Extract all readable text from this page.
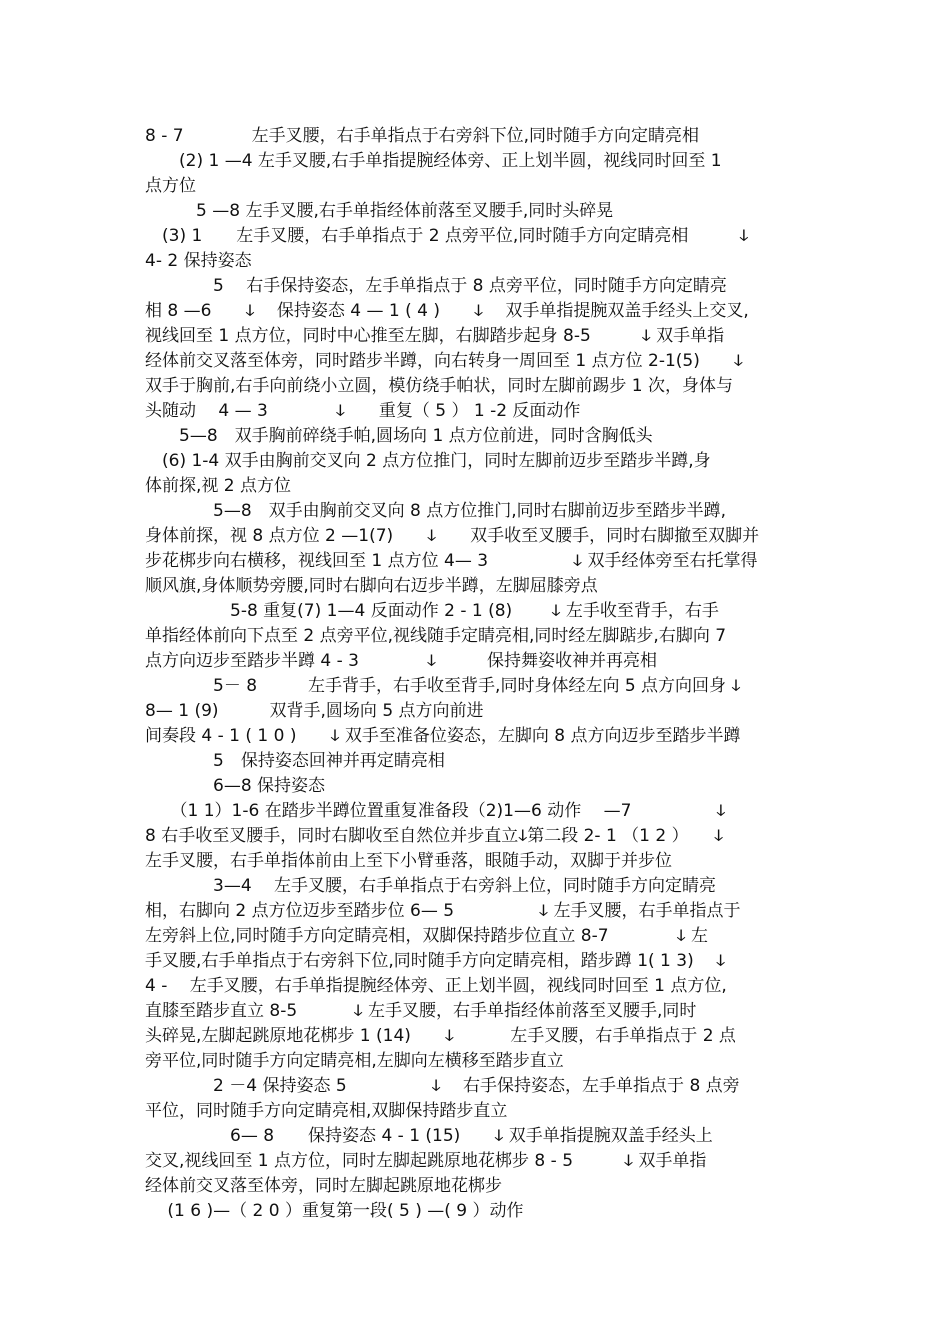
8 - 7　　　　左手叉腰，右手单指点于右旁斜下位,同时随手方向定睛亮相
　　(2) 1 —4 左手叉腰,右手单指提腕经体旁、正上划半圆，视线同时回至 1
点方位
　　　5 —8 左手叉腰,右手单指经体前落至叉腰手,同时头碎晃
　(3) 1　　左手叉腰，右手单指点于 2 点旁平位,同时随手方向定睛亮相　　　ↆ
4- 2 保持姿态
　　　　5　 右手保持姿态，左手单指点于 8 点旁平位，同时随手方向定睛亮
相 8 —6　　ↆ　 保持姿态 4 — 1 ( 4 )　　ↆ　 双手单指提腕双盖手经头上交叉,
视线回至 1 点方位，同时中心推至左脚，右脚踏步起身 8-5　　　ↆ 双手单指
经体前交叉落至体旁，同时踏步半蹲，向右转身一周回至 1 点方位 2-1(5)　　ↆ
双手于胸前,右手向前绕小立圆，模仿绕手帕状，同时左脚前踢步 1 次，身体与
头随动　 4 — 3　　　　ↆ　　重复（ 5 ） 1 -2 反面动作
　　5—8　双手胸前碎绕手帕,圆场向 1 点方位前进，同时含胸低头
　(6) 1-4 双手由胸前交叉向 2 点方位推门，同时左脚前迈步至踏步半蹲,身
体前探,视 2 点方位
　　　　5—8　双手由胸前交叉向 8 点方位推门,同时右脚前迈步至踏步半蹲,
身体前探，视 8 点方位 2 —1(7)　　ↆ　　双手收至叉腰手，同时右脚撤至双脚并
步花梆步向右横移，视线回至 1 点方位 4— 3　　　　　ↆ 双手经体旁至右托掌得
顺风旗,身体顺势旁腰,同时右脚向右迈步半蹲，左脚屈膝旁点
　　　　　5-8 重复(7) 1—4 反面动作 2 - 1 (8)　　 ↆ 左手收至背手，右手
单指经体前向下点至 2 点旁平位,视线随手定睛亮相,同时经左脚踮步,右脚向 7
点方向迈步至踏步半蹲 4 - 3　　　　ↆ　　　保持舞姿收神并再亮相
　　　　5－ 8　　　左手背手，右手收至背手,同时身体经左向 5 点方向回身 ↆ
8— 1 (9)　　　双背手,圆场向 5 点方向前进
间奏段 4 - 1 ( 1 0 )　　ↆ 双手至准备位姿态，左脚向 8 点方向迈步至踏步半蹲
　　　　5　保持姿态回神并再定睛亮相
　　　　6—8 保持姿态
　　（1 1）1-6 在踏步半蹲位置重复准备段（2)1—6 动作　 —7　　　　　ↆ
8 右手收至叉腰手，同时右脚收至自然位并步直立ↆ第二段 2- 1 （1 2 ）　　ↆ
左手叉腰，右手单指体前由上至下小臂垂落，眼随手动，双脚于并步位
　　　　3—4　 左手叉腰，右手单指点于右旁斜上位，同时随手方向定睛亮
相，右脚向 2 点方位迈步至踏步位 6— 5　　　　　ↆ 左手叉腰，右手单指点于
左旁斜上位,同时随手方向定睛亮相，双脚保持踏步位直立 8-7　　　　ↆ 左
手叉腰,右手单指点于右旁斜下位,同时随手方向定睛亮相，踏步蹲 1( 1 3)　 ↆ
4 -　 左手叉腰，右手单指提腕经体旁、正上划半圆，视线同时回至 1 点方位,
直膝至踏步直立 8-5　　　 ↆ 左手叉腰，右手单指经体前落至叉腰手,同时
头碎晃,左脚起跳原地花梆步 1 (14)　　ↆ　　　 左手叉腰，右手单指点于 2 点
旁平位,同时随手方向定睛亮相,左脚向左横移至踏步直立
　　　　2 －4 保持姿态 5　　　　　ↆ　 右手保持姿态，左手单指点于 8 点旁
平位，同时随手方向定睛亮相,双脚保持踏步直立
　　　　　6— 8　　保持姿态 4 - 1 (15)　　ↆ 双手单指提腕双盖手经头上
交叉,视线回至 1 点方位，同时左脚起跳原地花梆步 8 - 5　　　ↆ 双手单指
经体前交叉落至体旁，同时左脚起跳原地花梆步
　 (1 6 )—（ 2 0 ）重复第一段( 5 ) —( 9 ）动作
